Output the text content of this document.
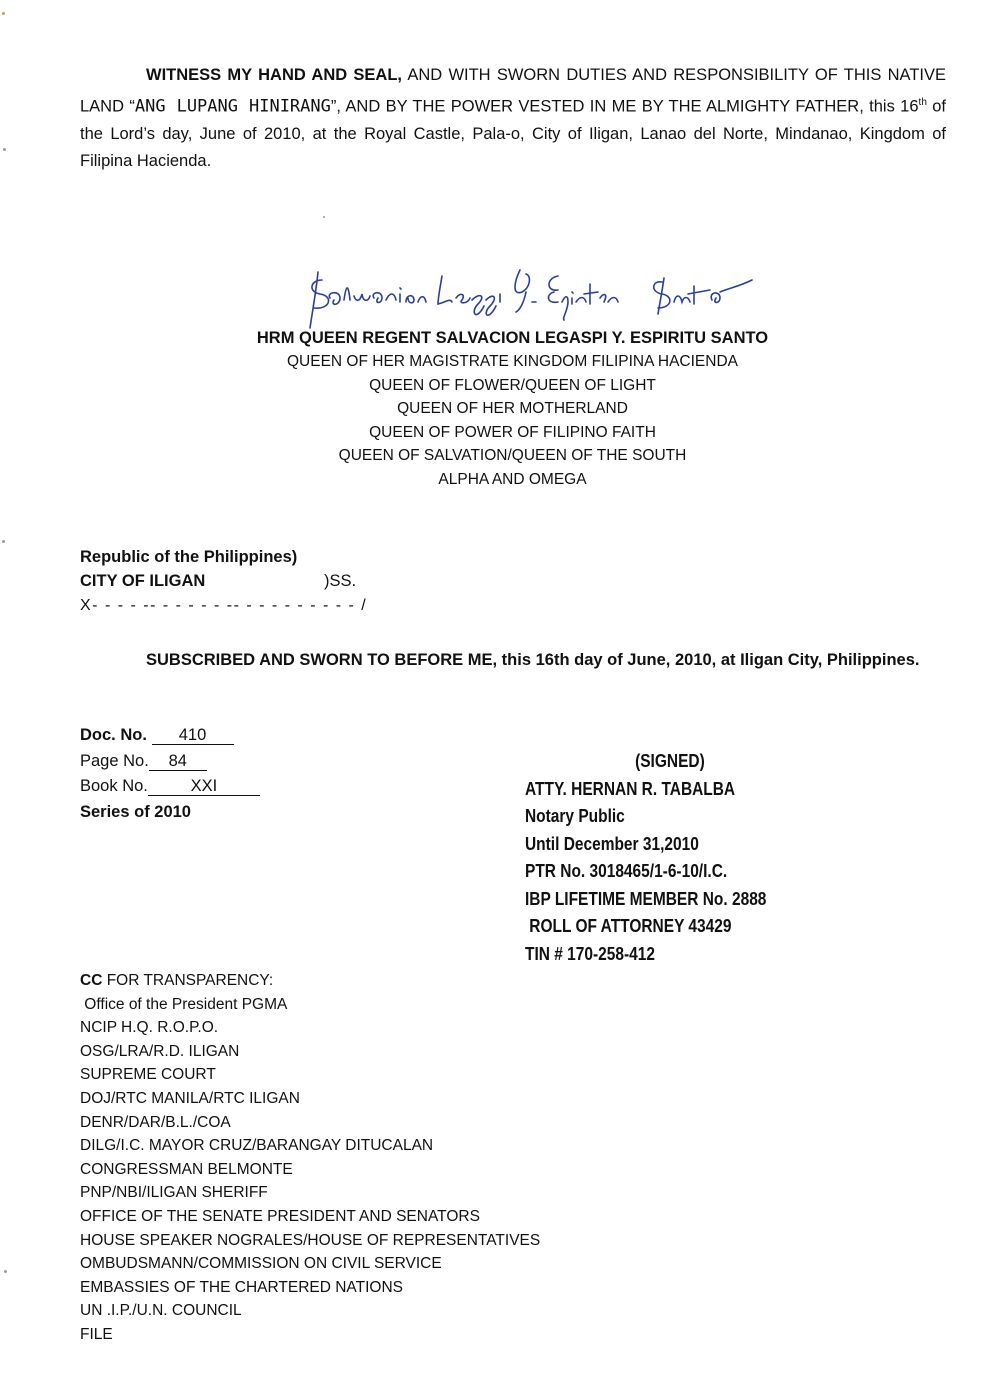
WITNESS MY HAND AND SEAL, AND WITH SWORN DUTIES AND RESPONSIBILITY OF THIS NATIVE LAND “ANG LUPANG HINIRANG”, AND BY THE POWER VESTED IN ME BY THE ALMIGHTY FATHER, this 16th of the Lord’s day, June of 2010, at the Royal Castle, Pala-o, City of Iligan, Lanao del Norte, Mindanao, Kingdom of Filipina Hacienda.

HRM QUEEN REGENT SALVACION LEGASPI Y. ESPIRITU SANTO
QUEEN OF HER MAGISTRATE KINGDOM FILIPINA HACIENDA
QUEEN OF FLOWER/QUEEN OF LIGHT
QUEEN OF HER MOTHERLAND
QUEEN OF POWER OF FILIPINO FAITH
QUEEN OF SALVATION/QUEEN OF THE SOUTH
ALPHA AND OMEGA
Republic of the Philippines)
CITY OF ILIGAN	)SS.
X- - - - -- - - - - - -- - - - - - - - - - /

SUBSCRIBED AND SWORN TO BEFORE ME, this 16th day of June, 2010, at Iligan City, Philippines.

Doc. No. 410
Page No. 84
Book No.	XXI
Series of 2010
(SIGNED)
ATTY. HERNAN R. TABALBA
Notary Public
Until December 31,2010
PTR No. 3018465/1-6-10/I.C.
IBP LIFETIME MEMBER No. 2888
ROLL OF ATTORNEY 43429
TIN # 170-258-412
CC FOR TRANSPARENCY:
Office of the President PGMA
NCIP H.Q. R.O.P.O.
OSG/LRA/R.D. ILIGAN
SUPREME COURT
DOJ/RTC MANILA/RTC ILIGAN
DENR/DAR/B.L./COA
DILG/I.C. MAYOR CRUZ/BARANGAY DITUCALAN
CONGRESSMAN BELMONTE
PNP/NBI/ILIGAN SHERIFF
OFFICE OF THE SENATE PRESIDENT AND SENATORS
HOUSE SPEAKER NOGRALES/HOUSE OF REPRESENTATIVES
OMBUDSMANN/COMMISSION ON CIVIL SERVICE
EMBASSIES OF THE CHARTERED NATIONS
UN .I.P./U.N. COUNCIL
FILE
